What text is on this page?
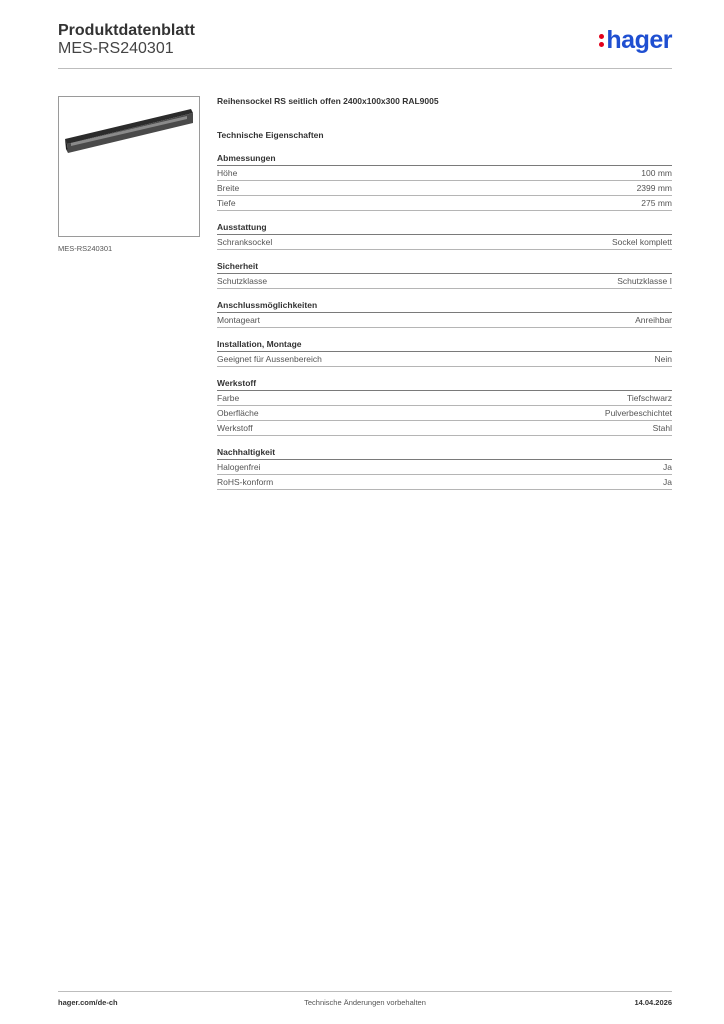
Produktdatenblatt
MES-RS240301	hager
MES-RS240301
Reihensockel RS seitlich offen 2400x100x300 RAL9005
Technische Eigenschaften
Abmessungen
Höhe	100 mm
Breite	2399 mm
Tiefe	275 mm
Ausstattung
Schranksockel	Sockel komplett
Sicherheit
Schutzklasse	Schutzklasse I
Anschlussmöglichkeiten
Montageart	Anreihbar
Installation, Montage
Geeignet für Aussenbereich	Nein
Werkstoff
Farbe	Tiefschwarz
Oberfläche	Pulverbeschichtet
Werkstoff	Stahl
Nachhaltigkeit
Halogenfrei	Ja
RoHS-konform	Ja
hager.com/de-ch	Technische Änderungen vorbehalten	14.04.2026
